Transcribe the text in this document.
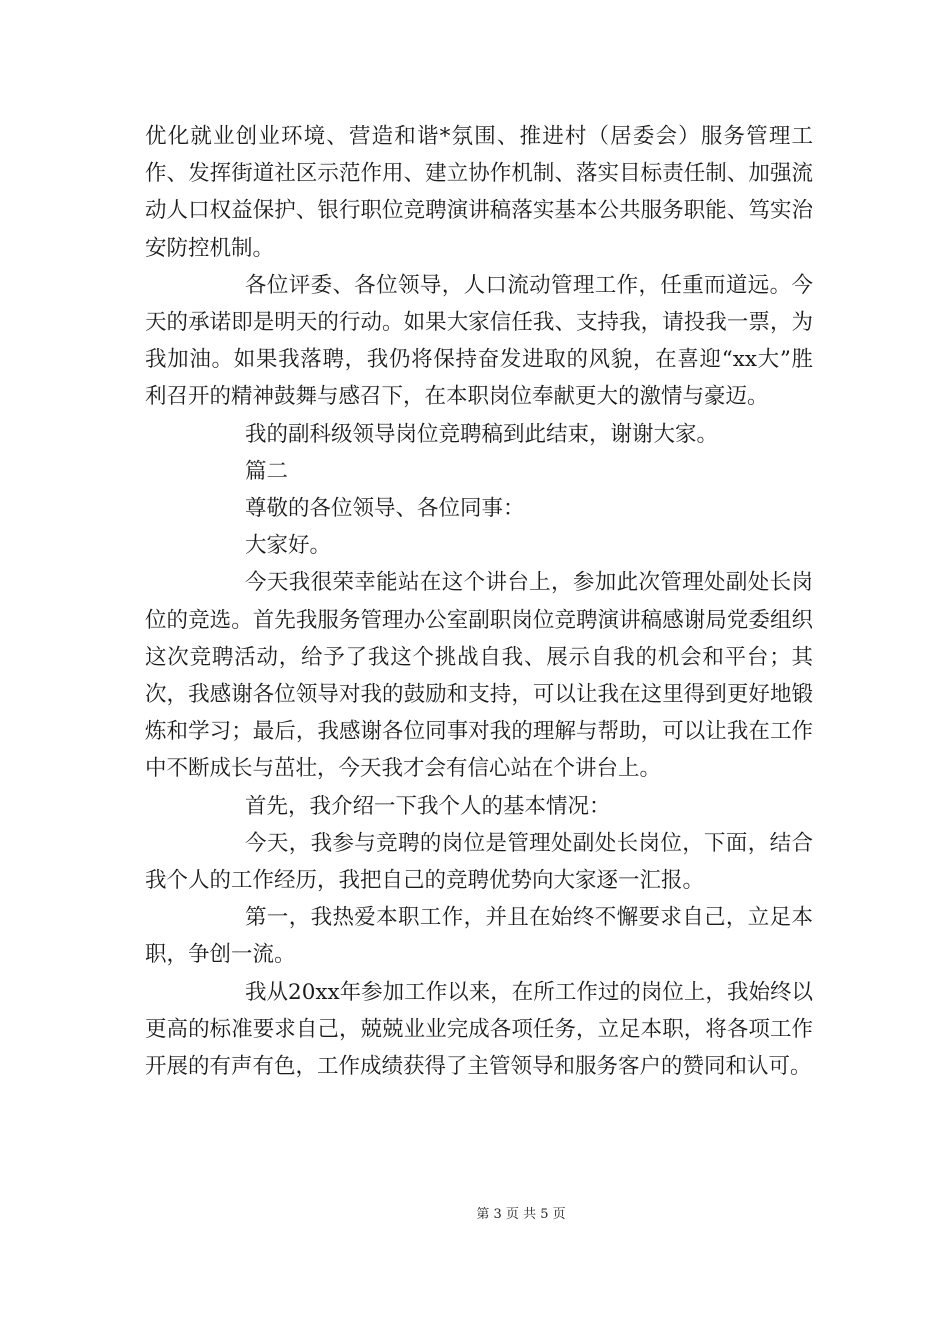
优化就业创业环境、营造和谐*氛围、推进村（居委会）服务管理工作、发挥街道社区示范作用、建立协作机制、落实目标责任制、加强流动人口权益保护、银行职位竞聘演讲稿落实基本公共服务职能、笃实治安防控机制。

各位评委、各位领导，人口流动管理工作，任重而道远。今天的承诺即是明天的行动。如果大家信任我、支持我，请投我一票，为我加油。如果我落聘，我仍将保持奋发进取的风貌，在喜迎“xx大”胜利召开的精神鼓舞与感召下，在本职岗位奉献更大的激情与豪迈。

我的副科级领导岗位竞聘稿到此结束，谢谢大家。

篇二

尊敬的各位领导、各位同事：

大家好。

今天我很荣幸能站在这个讲台上，参加此次管理处副处长岗位的竞选。首先我服务管理办公室副职岗位竞聘演讲稿感谢局党委组织这次竞聘活动，给予了我这个挑战自我、展示自我的机会和平台；其次，我感谢各位领导对我的鼓励和支持，可以让我在这里得到更好地锻炼和学习；最后，我感谢各位同事对我的理解与帮助，可以让我在工作中不断成长与茁壮，今天我才会有信心站在个讲台上。

首先，我介绍一下我个人的基本情况：

今天，我参与竞聘的岗位是管理处副处长岗位，下面，结合我个人的工作经历，我把自己的竞聘优势向大家逐一汇报。

第一，我热爱本职工作，并且在始终不懈要求自己，立足本职，争创一流。

我从20xx年参加工作以来，在所工作过的岗位上，我始终以更高的标准要求自己，兢兢业业完成各项任务，立足本职，将各项工作开展的有声有色，工作成绩获得了主管领导和服务客户的赞同和认可。

第 3 页 共 5 页
